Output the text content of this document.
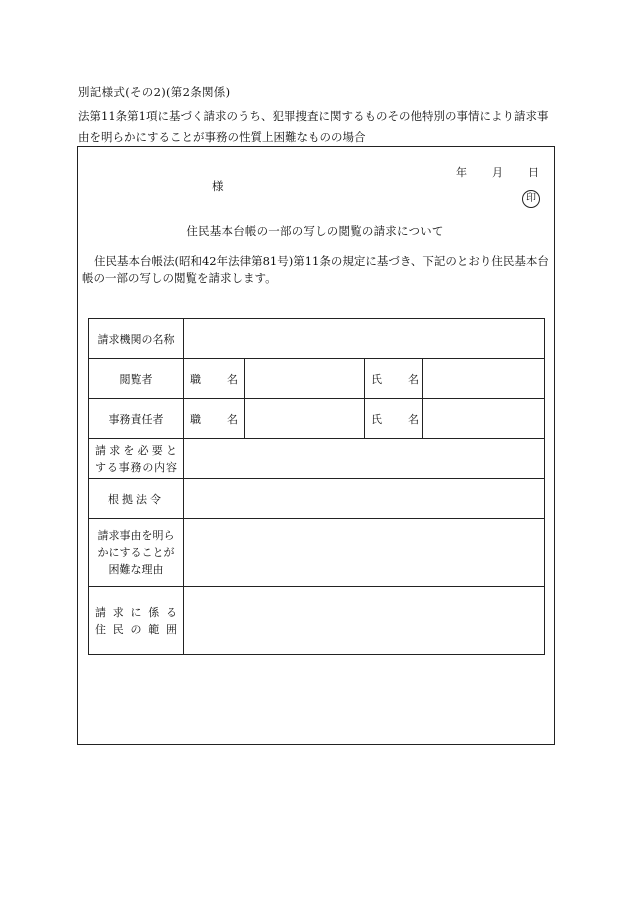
別記様式(その2)(第2条関係)
法第11条第1項に基づく請求のうち、犯罪捜査に関するものその他特別の事情により請求事由を明らかにすることが事務の性質上困難なものの場合
年 月 日
様
印
住民基本台帳の一部の写しの閲覧の請求について
住民基本台帳法(昭和42年法律第81号)第11条の規定に基づき、下記のとおり住民基本台帳の一部の写しの閲覧を請求します。
請求機関の名称				
閲覧者	職 名		氏 名	

事務責任者	職 名		氏 名	

請求を必要と
する事務の内容				

根拠法令				

請求事由を明ら
かにすることが
困難な理由				

請求に係る
住民の範囲				
